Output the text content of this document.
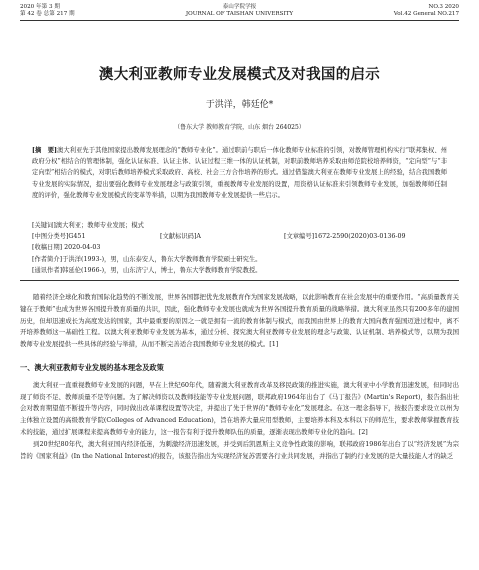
2020 年第 3 期
第 42 卷 总第 217 期
泰山学院学报
JOURNAL OF TAISHAN UNIVERSITY
NO.3 2020
Vol.42 General NO.217
澳大利亚教师专业发展模式及对我国的启示
于洪洋，韩廷伦*
（鲁东大学 教师教育学院，山东 烟台 264025）
[摘　要]澳大利亚先于其他国家提出教师发展理念的“教师专业化”。通过职前与职后一体化教师专业标准的引领，对教师管理机构实行“联邦集权、州政府分权”相结合的管理体制，强化认证标准、认证主体、认证过程三维一体的认证机制，对职前教师培养采取由师范院校培养师资，“定向型”与“非定向型”相结合的模式，对职后教师培养模式采取政府、高校、社会三方合作培养的形式。通过借鉴澳大利亚在教师专业发展上的经验，结合我国教师专业发展的实际情况，提出要强化教师专业发展理念与政策引领，重视教师专业发展的设置，用资格认证标准来引领教师专业发展，加强教师师任制度的评价，强化教师专业发展模式的变革等举措，以期为我国教师专业发展提供一些启示。
[关键词]澳大利亚；教师专业发展；模式
[中图分类号]G451	[文献标识码]A	[文章编号]1672-2590(2020)03-0136-09
[收稿日期] 2020-04-03
[作者简介]于洪洋(1993-)，男，山东泰安人，鲁东大学教师教育学院硕士研究生。
[通讯作者]韩延伦(1966-)，男，山东济宁人，博士，鲁东大学教师教育学院教授。

随着经济全球化和教育国际化趋势的不断发展，世界各国都把优先发展教育作为国家发展战略，以此影响教育在社会发展中的重要作用。“高质量教育关键在于教师”也成为世界各国提升教育质量的共识，因此，强化教师专业发展也就成为世界各国提升教育质量的战略举措。澳大利亚虽然只有200多年的建国历史，但却迅速成长为高度发达的国家，其中最重要的原因之一就是拥有一流的教育体制与模式，而我国由世界上的教育大国向教育强国迈进过程中，离不开培养教师这一基础性工程。以澳大利亚教师专业发展为基本，通过分析、探究澳大利亚教师专业发展的理念与政策、认证机制、培养模式等，以期为我国教师专业发展提供一些具体的经验与举措，从而不断完善适合我国教师专业发展的模式。[1]

一、澳大利亚教师专业发展的基本理念及政策

澳大利亚一直重视教师专业发展的问题，早在上世纪60年代，随着澳大利亚教育改革及移民政策的推进实施，澳大利亚中小学教育迅速发展，但同时出现了师资不足、教师质量不是等问题。为了解决师资以及教师技能等专业发展问题，联邦政府1964年出台了《马丁报告》(Martin's Report)，报告指出社会对教育期望值不断提升等内容，同时做出改革课程设置等决定，并提出了先于世界的“教师专业化”发展理念。在这一理念指导下，按报告要求设立以州为主体独立设置的高级教育学院(Colleges of Advanced Education)，旨在培养大量应用型教师，主要培养本科及本科以下的师范生，要求教师掌握教育技术的技能，通过扩展课程来提高教师专业的能力，这一报告有利于提升教师队伍的质量，逐渐表现出教师专业化的趋向。[2]

到20世纪80年代，澳大利亚国内经济低迷，为刺激经济迅速发展，并受到后凯恩斯主义竞争性政策的影响，联邦政府1986年出台了以“经济发展”为宗旨的《国家利益》(In the National Interest)的报告，该报告指出为实现经济复苏需要各行业共同发展，并指出了制约行业发展的是大量技能人才的缺乏
